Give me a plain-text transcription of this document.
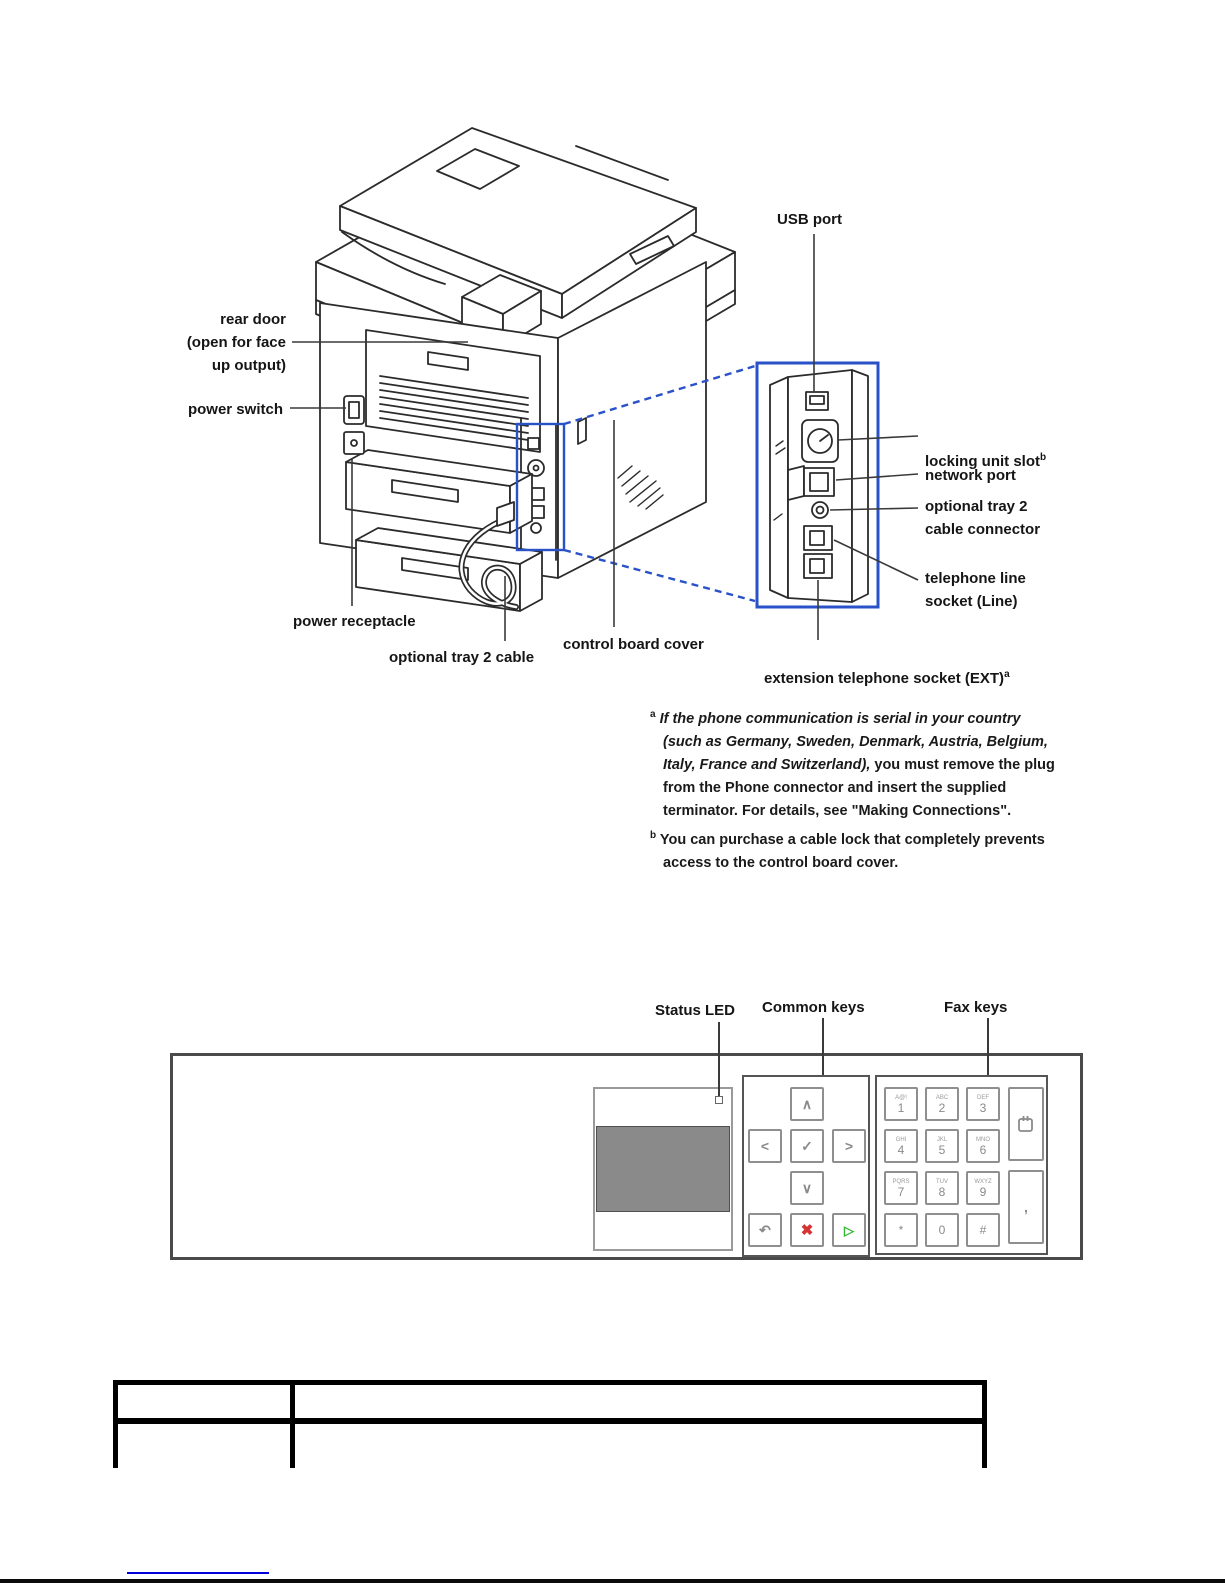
rear door
(open for face
up output)
power switch
power receptacle
optional tray 2 cable
control board cover
USB port

locking unit slot$^b$

network port
optional tray 2
cable connector
telephone line
socket (Line)

extension telephone socket (EXT)$^a$

$^a$ If the phone communication is serial in your country (such as Germany, Sweden, Denmark, Austria, Belgium, Italy, France and Switzerland), you must remove the plug from the Phone connector and insert the supplied terminator. For details, see "Making Connections".

$^b$ You can purchase a cable lock that completely prevents access to the control board cover.

Status LED Common keys	Fax keys
∧
< ✓ >
∨
↶ ✖ ▷
A@!
1
ABC
2
DEF
3
GHI
4
JKL
5
MNO
6
PQRS
7
TUV
8
WXYZ
9
*	0	#
,
